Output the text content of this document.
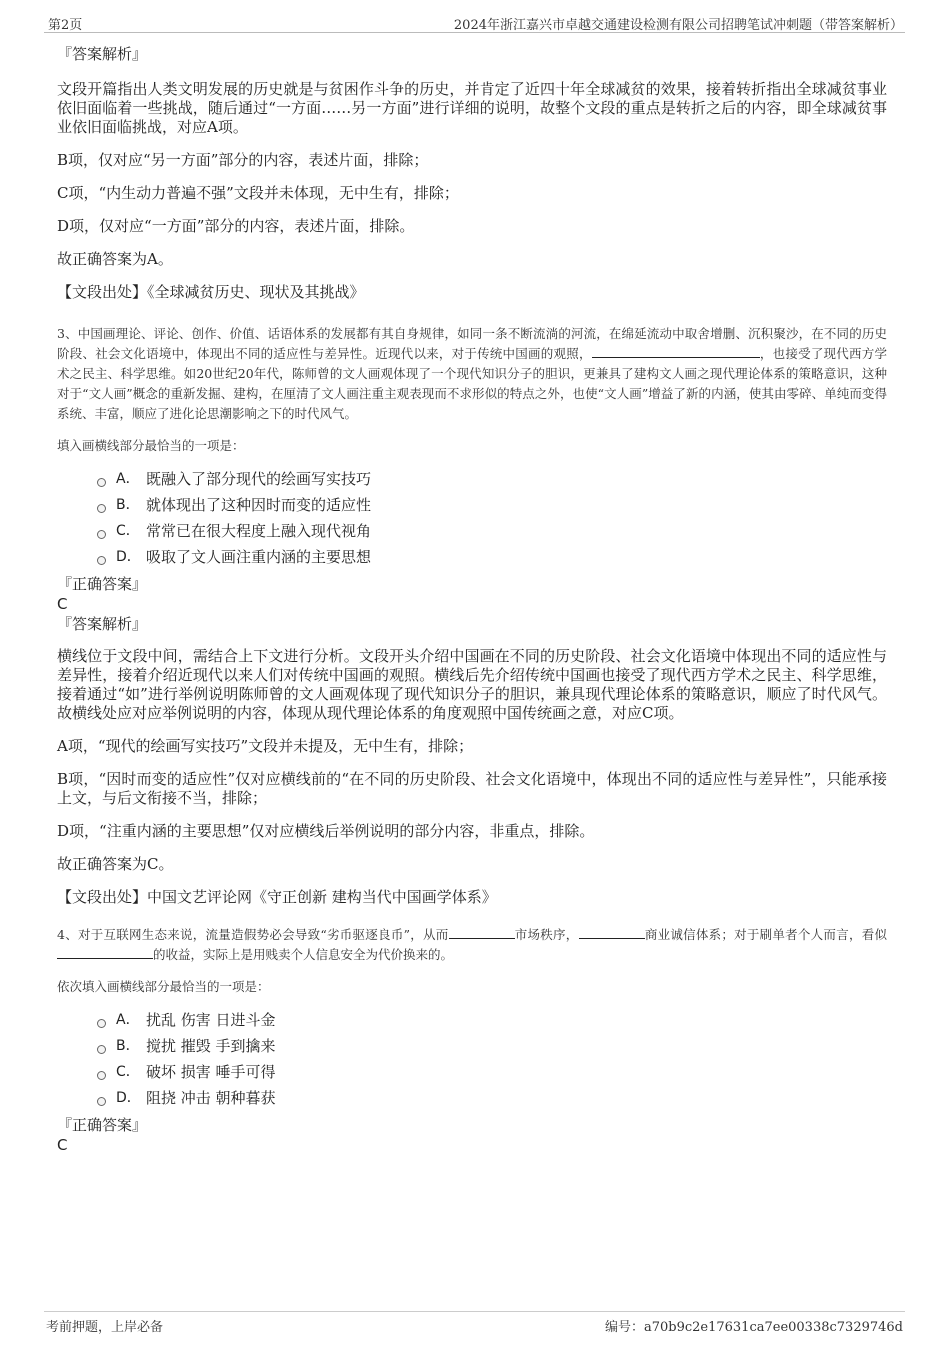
第2页	2024年浙江嘉兴市卓越交通建设检测有限公司招聘笔试冲刺题（带答案解析）

『答案解析』

文段开篇指出人类文明发展的历史就是与贫困作斗争的历史，并肯定了近四十年全球减贫的效果，接着转折指出全球减贫事业依旧面临着一些挑战，随后通过“一方面……另一方面”进行详细的说明，故整个文段的重点是转折之后的内容，即全球减贫事业依旧面临挑战，对应A项。

B项，仅对应“另一方面”部分的内容，表述片面，排除；

C项，“内生动力普遍不强”文段并未体现，无中生有，排除；

D项，仅对应“一方面”部分的内容，表述片面，排除。

故正确答案为A。

【文段出处】《全球减贫历史、现状及其挑战》

3、中国画理论、评论、创作、价值、话语体系的发展都有其自身规律，如同一条不断流淌的河流，在绵延流动中取舍增删、沉积聚沙，在不同的历史阶段、社会文化语境中，体现出不同的适应性与差异性。近现代以来，对于传统中国画的观照，	，也接受了现代西方学术之民主、科学思维。如20世纪20年代，陈师曾的文人画观体现了一个现代知识分子的胆识，更兼具了建构文人画之现代理论体系的策略意识，这种对于“文人画”概念的重新发掘、建构，在厘清了文人画注重主观表现而不求形似的特点之外，也使“文人画”增益了新的内涵，使其由零碎、单纯而变得系统、丰富，顺应了进化论思潮影响之下的时代风气。

填入画横线部分最恰当的一项是：

A． 既融入了部分现代的绘画写实技巧
B． 就体现出了这种因时而变的适应性
C． 常常已在很大程度上融入现代视角
D． 吸取了文人画注重内涵的主要思想

『正确答案』

C

『答案解析』

横线位于文段中间，需结合上下文进行分析。文段开头介绍中国画在不同的历史阶段、社会文化语境中体现出不同的适应性与差异性，接着介绍近现代以来人们对传统中国画的观照。横线后先介绍传统中国画也接受了现代西方学术之民主、科学思维，接着通过“如”进行举例说明陈师曾的文人画观体现了现代知识分子的胆识，兼具现代理论体系的策略意识，顺应了时代风气。故横线处应对应举例说明的内容，体现从现代理论体系的角度观照中国传统画之意，对应C项。

A项，“现代的绘画写实技巧”文段并未提及，无中生有，排除；

B项，“因时而变的适应性”仅对应横线前的“在不同的历史阶段、社会文化语境中，体现出不同的适应性与差异性”，只能承接上文，与后文衔接不当，排除；

D项，“注重内涵的主要思想”仅对应横线后举例说明的部分内容，非重点，排除。

故正确答案为C。

【文段出处】中国文艺评论网《守正创新 建构当代中国画学体系》

4、对于互联网生态来说，流量造假势必会导致“劣币驱逐良币”，从而	市场秩序，	商业诚信体系；对于刷单者个人而言，看似的收益，实际上是用贱卖个人信息安全为代价换来的。

依次填入画横线部分最恰当的一项是：

A． 扰乱 伤害 日进斗金
B． 搅扰 摧毁 手到擒来
C． 破坏 损害 唾手可得
D． 阻挠 冲击 朝种暮获

『正确答案』

C

考前押题，上岸必备	编号：a70b9c2e17631ca7ee00338c7329746d
